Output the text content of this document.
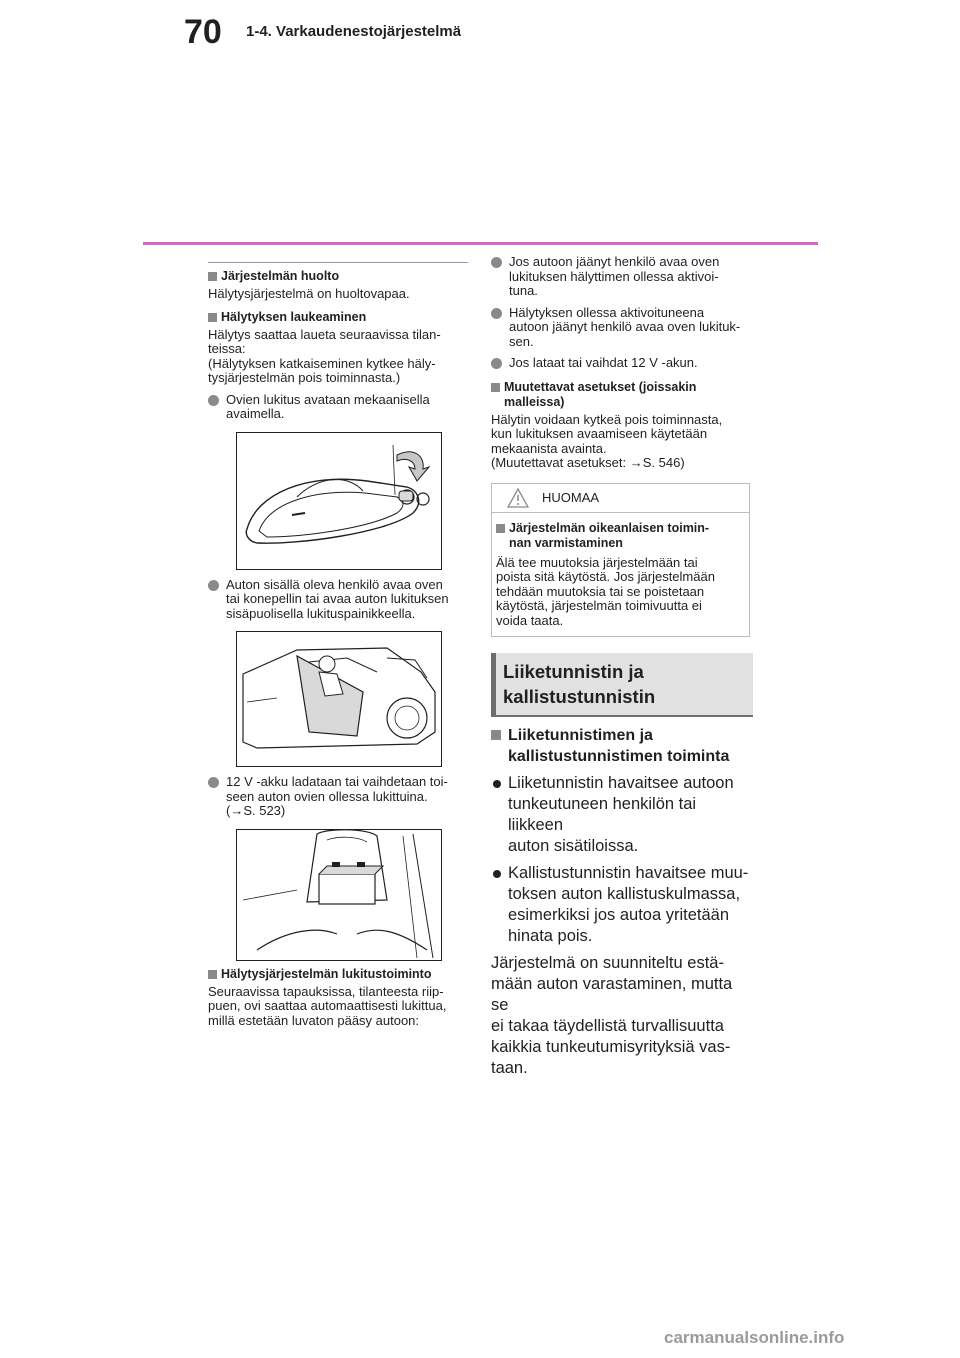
70 1-4. Varkaudenestojärjestelmä
Järjestelmän huolto
Hälytysjärjestelmä on huoltovapaa.
Hälytyksen laukeaminen
Hälytys saattaa laueta seuraavissa tilan-
teissa:
(Hälytyksen katkaiseminen kytkee häly-
tysjärjestelmän pois toiminnasta.)
Ovien lukitus avataan mekaanisella
avaimella.
Auton sisällä oleva henkilö avaa oven
tai konepellin tai avaa auton lukituksen
sisäpuolisella lukituspainikkeella.
12 V -akku ladataan tai vaihdetaan toi-
seen auton ovien ollessa lukittuina.
(→S. 523)
Hälytysjärjestelmän lukitustoiminto
Seuraavissa tapauksissa, tilanteesta riip-
puen, ovi saattaa automaattisesti lukittua,
millä estetään luvaton pääsy autoon:
Jos autoon jäänyt henkilö avaa oven
lukituksen hälyttimen ollessa aktivoi-
tuna.
Hälytyksen ollessa aktivoituneena
autoon jäänyt henkilö avaa oven lukituk-
sen.
Jos lataat tai vaihdat 12 V -akun.
Muutettavat asetukset (joissakin
malleissa)
Hälytin voidaan kytkeä pois toiminnasta,
kun lukituksen avaamiseen käytetään
mekaanista avainta.
(Muutettavat asetukset: →S. 546)
HUOMAA
Järjestelmän oikeanlaisen toimin-
nan varmistaminen
Älä tee muutoksia järjestelmään tai
poista sitä käytöstä. Jos järjestelmään
tehdään muutoksia tai se poistetaan
käytöstä, järjestelmän toimivuutta ei
voida taata.
Liiketunnistin ja
kallistustunnistin
Liiketunnistimen ja
kallistustunnistimen toiminta
Liiketunnistin havaitsee autoon
tunkeutuneen henkilön tai liikkeen
auton sisätiloissa.
Kallistustunnistin havaitsee muu-
toksen auton kallistuskulmassa,
esimerkiksi jos autoa yritetään
hinata pois.
Järjestelmä on suunniteltu estä-
mään auton varastaminen, mutta se
ei takaa täydellistä turvallisuutta
kaikkia tunkeutumisyrityksiä vas-
taan.
carmanualsonline.info
